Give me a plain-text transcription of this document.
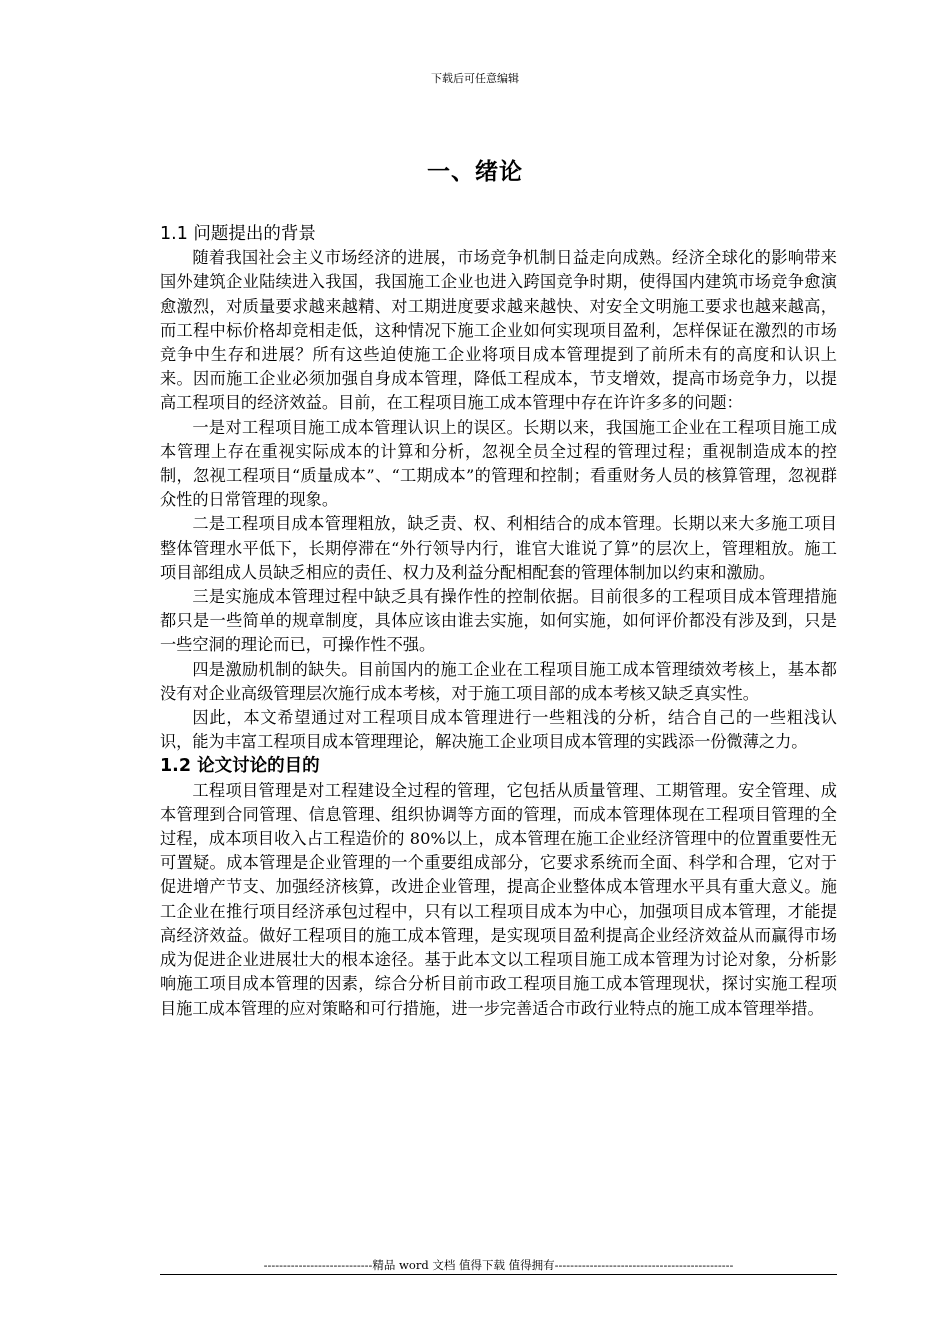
下载后可任意编辑
一、绪论
1.1 问题提出的背景

随着我国社会主义市场经济的进展，市场竞争机制日益走向成熟。经济全球化的影响带来国外建筑企业陆续进入我国，我国施工企业也进入跨国竞争时期，使得国内建筑市场竞争愈演愈激烈，对质量要求越来越精、对工期进度要求越来越快、对安全文明施工要求也越来越高，而工程中标价格却竞相走低，这种情况下施工企业如何实现项目盈利，怎样保证在激烈的市场竞争中生存和进展？所有这些迫使施工企业将项目成本管理提到了前所未有的高度和认识上来。因而施工企业必须加强自身成本管理，降低工程成本，节支增效，提高市场竞争力，以提高工程项目的经济效益。目前，在工程项目施工成本管理中存在许许多多的问题：

一是对工程项目施工成本管理认识上的误区。长期以来，我国施工企业在工程项目施工成本管理上存在重视实际成本的计算和分析，忽视全员全过程的管理过程；重视制造成本的控制，忽视工程项目“质量成本”、“工期成本”的管理和控制；看重财务人员的核算管理，忽视群众性的日常管理的现象。

二是工程项目成本管理粗放，缺乏责、权、利相结合的成本管理。长期以来大多施工项目整体管理水平低下，长期停滞在“外行领导内行，谁官大谁说了算”的层次上，管理粗放。施工项目部组成人员缺乏相应的责任、权力及利益分配相配套的管理体制加以约束和激励。

三是实施成本管理过程中缺乏具有操作性的控制依据。目前很多的工程项目成本管理措施都只是一些简单的规章制度，具体应该由谁去实施，如何实施，如何评价都没有涉及到，只是一些空洞的理论而已，可操作性不强。

四是激励机制的缺失。目前国内的施工企业在工程项目施工成本管理绩效考核上，基本都没有对企业高级管理层次施行成本考核，对于施工项目部的成本考核又缺乏真实性。

因此，本文希望通过对工程项目成本管理进行一些粗浅的分析，结合自己的一些粗浅认识，能为丰富工程项目成本管理理论，解决施工企业项目成本管理的实践添一份微薄之力。

1.2 论文讨论的目的

工程项目管理是对工程建设全过程的管理，它包括从质量管理、工期管理。安全管理、成本管理到合同管理、信息管理、组织协调等方面的管理，而成本管理体现在工程项目管理的全过程，成本项目收入占工程造价的 80%以上，成本管理在施工企业经济管理中的位置重要性无可置疑。成本管理是企业管理的一个重要组成部分，它要求系统而全面、科学和合理，它对于促进增产节支、加强经济核算，改进企业管理，提高企业整体成本管理水平具有重大意义。施工企业在推行项目经济承包过程中，只有以工程项目成本为中心，加强项目成本管理，才能提高经济效益。做好工程项目的施工成本管理，是实现项目盈利提高企业经济效益从而赢得市场成为促进企业进展壮大的根本途径。基于此本文以工程项目施工成本管理为讨论对象，分析影响施工项目成本管理的因素，综合分析目前市政工程项目施工成本管理现状，探讨实施工程项目施工成本管理的应对策略和可行措施，进一步完善适合市政行业特点的施工成本管理举措。

----------------------------精品 word 文档 值得下载 值得拥有----------------------------------------------
